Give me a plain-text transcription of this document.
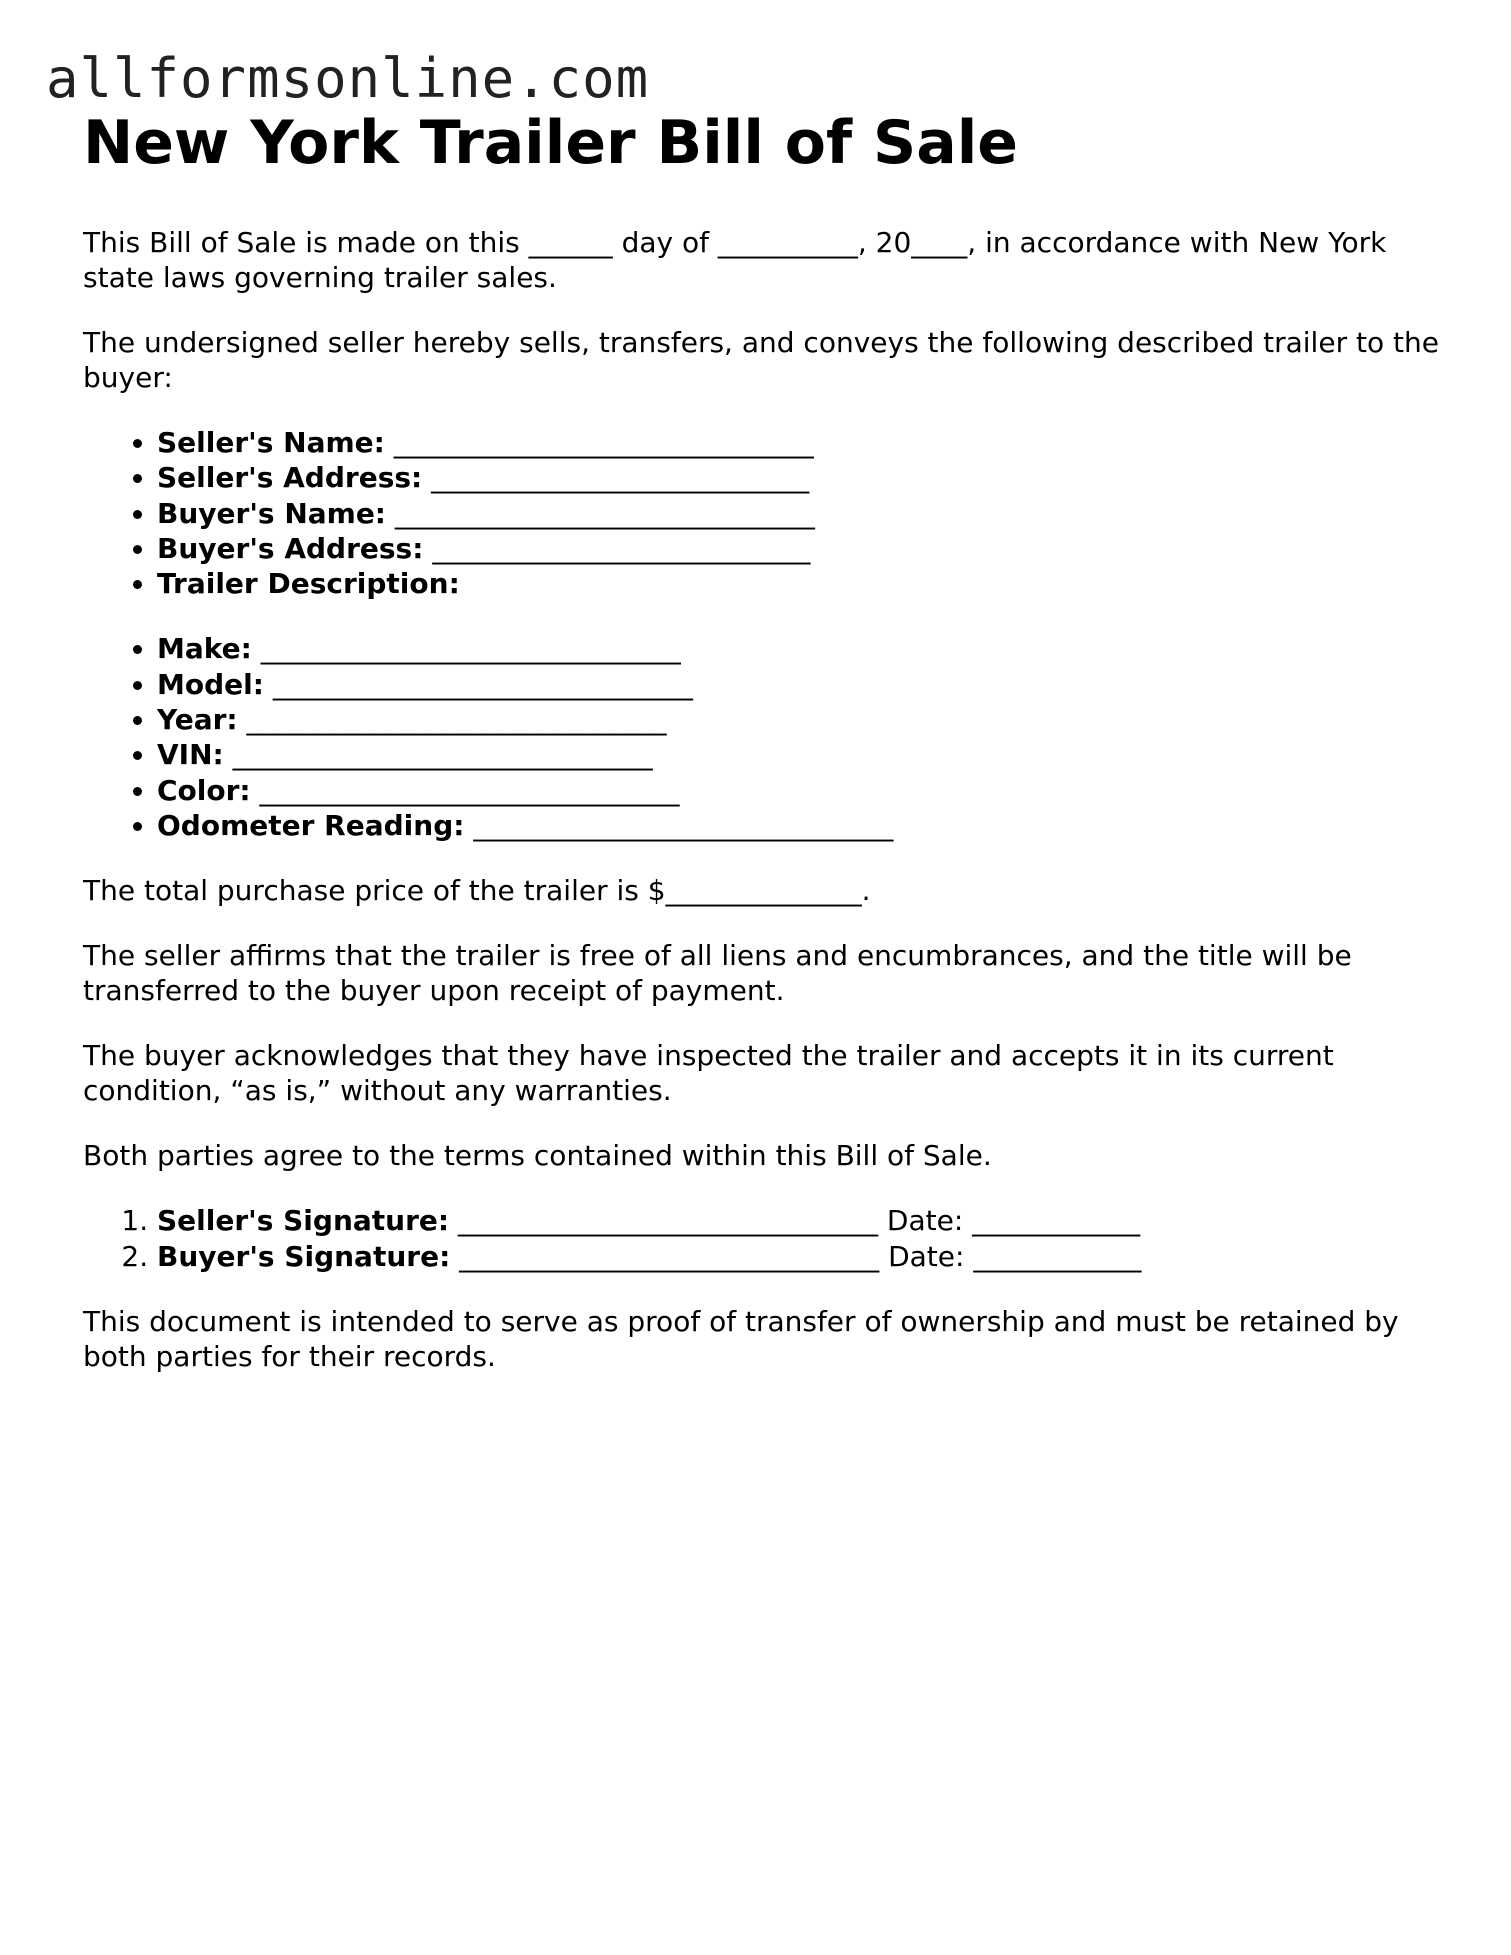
allformsonline.com
New York Trailer Bill of Sale

This Bill of Sale is made on this ______ day of __________, 20____, in accordance with New York state laws governing trailer sales.

The undersigned seller hereby sells, transfers, and conveys the following described trailer to the buyer:

• Seller's Name: ______________________________
• Seller's Address: ___________________________
• Buyer's Name: ______________________________
• Buyer's Address: ___________________________
• Trailer Description:
• Make: ______________________________
• Model: ______________________________
• Year: ______________________________
• VIN: ______________________________
• Color: ______________________________
• Odometer Reading: ______________________________

The total purchase price of the trailer is $______________.

The seller affirms that the trailer is free of all liens and encumbrances, and the title will be transferred to the buyer upon receipt of payment.

The buyer acknowledges that they have inspected the trailer and accepts it in its current condition, “as is,” without any warranties.

Both parties agree to the terms contained within this Bill of Sale.

1. Seller's Signature: ______________________________ Date: ____________
2. Buyer's Signature: ______________________________ Date: ____________

This document is intended to serve as proof of transfer of ownership and must be retained by both parties for their records.
